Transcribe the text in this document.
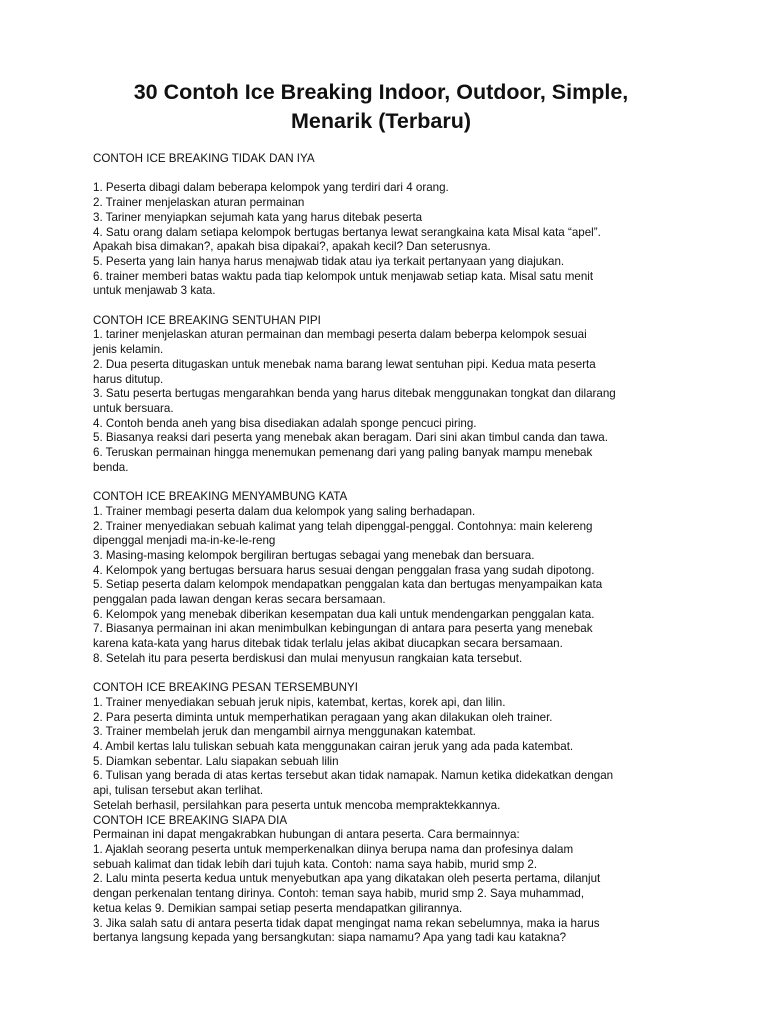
30 Contoh Ice Breaking Indoor, Outdoor, Simple,
Menarik (Terbaru)
CONTOH ICE BREAKING TIDAK DAN IYA
1. Peserta dibagi dalam beberapa kelompok yang terdiri dari 4 orang.
2. Trainer menjelaskan aturan permainan
3. Tariner menyiapkan sejumah kata yang harus ditebak peserta
4. Satu orang dalam setiapa kelompok bertugas bertanya lewat serangkaina kata Misal kata “apel”.
Apakah bisa dimakan?, apakah bisa dipakai?, apakah kecil? Dan seterusnya.
5. Peserta yang lain hanya harus menajwab tidak atau iya terkait pertanyaan yang diajukan.
6. trainer memberi batas waktu pada tiap kelompok untuk menjawab setiap kata. Misal satu menit
untuk menjawab 3 kata.
CONTOH ICE BREAKING SENTUHAN PIPI
1. tariner menjelaskan aturan permainan dan membagi peserta dalam beberpa kelompok sesuai
jenis kelamin.
2. Dua peserta ditugaskan untuk menebak nama barang lewat sentuhan pipi. Kedua mata peserta
harus ditutup.
3. Satu peserta bertugas mengarahkan benda yang harus ditebak menggunakan tongkat dan dilarang
untuk bersuara.
4. Contoh benda aneh yang bisa disediakan adalah sponge pencuci piring.
5. Biasanya reaksi dari peserta yang menebak akan beragam. Dari sini akan timbul canda dan tawa.
6. Teruskan permainan hingga menemukan pemenang dari yang paling banyak mampu menebak
benda.
CONTOH ICE BREAKING MENYAMBUNG KATA
1. Trainer membagi peserta dalam dua kelompok yang saling berhadapan.
2. Trainer menyediakan sebuah kalimat yang telah dipenggal-penggal. Contohnya: main kelereng
dipenggal menjadi ma-in-ke-le-reng
3. Masing-masing kelompok bergiliran bertugas sebagai yang menebak dan bersuara.
4. Kelompok yang bertugas bersuara harus sesuai dengan penggalan frasa yang sudah dipotong.
5. Setiap peserta dalam kelompok mendapatkan penggalan kata dan bertugas menyampaikan kata
penggalan pada lawan dengan keras secara bersamaan.
6. Kelompok yang menebak diberikan kesempatan dua kali untuk mendengarkan penggalan kata.
7. Biasanya permainan ini akan menimbulkan kebingungan di antara para peserta yang menebak
karena kata-kata yang harus ditebak tidak terlalu jelas akibat diucapkan secara bersamaan.
8. Setelah itu para peserta berdiskusi dan mulai menyusun rangkaian kata tersebut.
CONTOH ICE BREAKING PESAN TERSEMBUNYI
1. Trainer menyediakan sebuah jeruk nipis, katembat, kertas, korek api, dan lilin.
2. Para peserta diminta untuk memperhatikan peragaan yang akan dilakukan oleh trainer.
3. Trainer membelah jeruk dan mengambil airnya menggunakan katembat.
4. Ambil kertas lalu tuliskan sebuah kata menggunakan cairan jeruk yang ada pada katembat.
5. Diamkan sebentar. Lalu siapakan sebuah lilin
6. Tulisan yang berada di atas kertas tersebut akan tidak namapak. Namun ketika didekatkan dengan
api, tulisan tersebut akan terlihat.
Setelah berhasil, persilahkan para peserta untuk mencoba mempraktekkannya.
CONTOH ICE BREAKING SIAPA DIA
Permainan ini dapat mengakrabkan hubungan di antara peserta. Cara bermainnya:
1. Ajaklah seorang peserta untuk memperkenalkan diinya berupa nama dan profesinya dalam
sebuah kalimat dan tidak lebih dari tujuh kata. Contoh: nama saya habib, murid smp 2.
2. Lalu minta peserta kedua untuk menyebutkan apa yang dikatakan oleh peserta pertama, dilanjut
dengan perkenalan tentang dirinya. Contoh: teman saya habib, murid smp 2. Saya muhammad,
ketua kelas 9. Demikian sampai setiap peserta mendapatkan gilirannya.
3. Jika salah satu di antara peserta tidak dapat mengingat nama rekan sebelumnya, maka ia harus
bertanya langsung kepada yang bersangkutan: siapa namamu? Apa yang tadi kau katakna?
